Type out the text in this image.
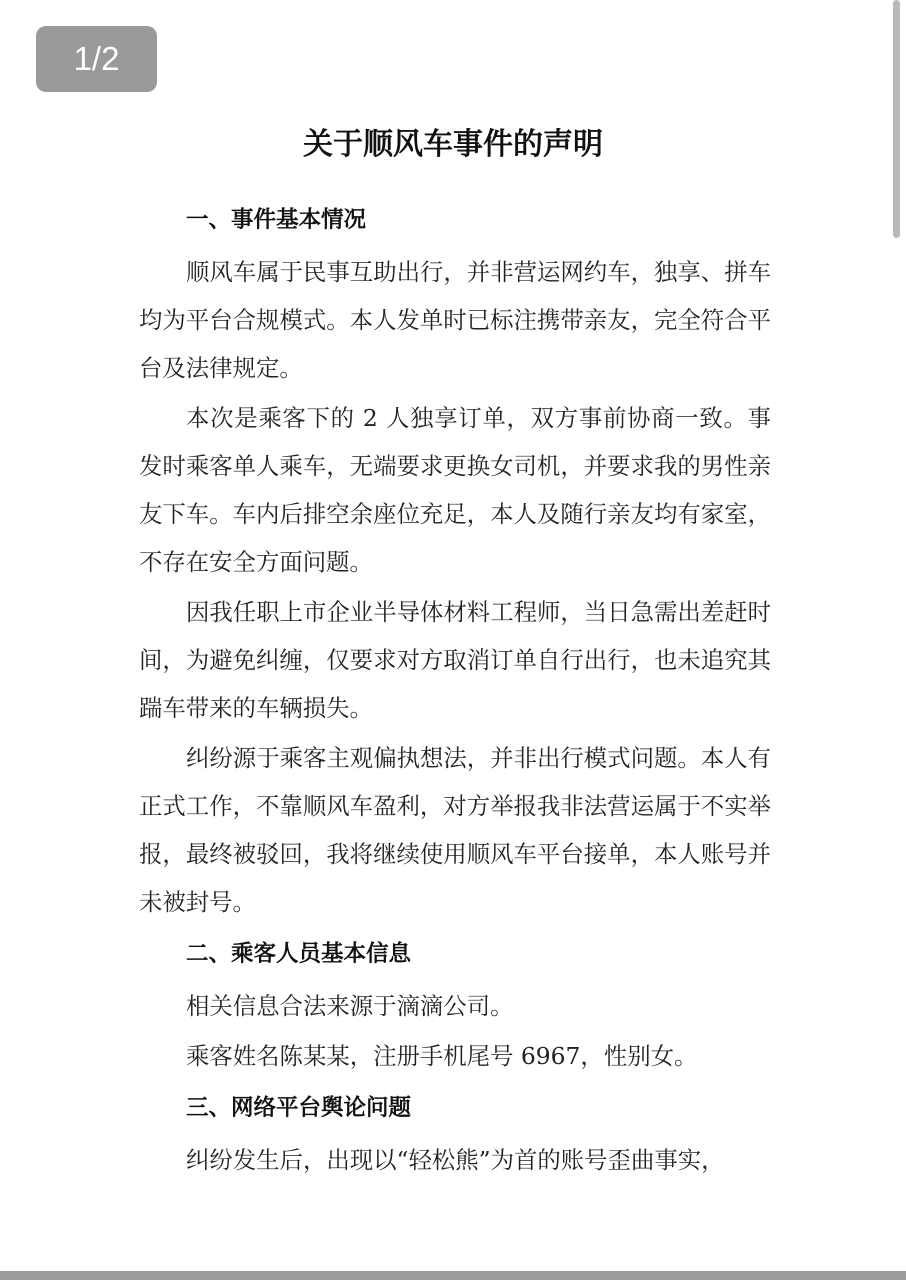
1/2
关于顺风车事件的声明
一、事件基本情况

顺风车属于民事互助出行，并非营运网约车，独享、拼车均为平台合规模式。本人发单时已标注携带亲友，完全符合平台及法律规定。

本次是乘客下的 2 人独享订单，双方事前协商一致。事发时乘客单人乘车，无端要求更换女司机，并要求我的男性亲友下车。车内后排空余座位充足，本人及随行亲友均有家室，不存在安全方面问题。

因我任职上市企业半导体材料工程师，当日急需出差赶时间，为避免纠缠，仅要求对方取消订单自行出行，也未追究其踹车带来的车辆损失。

纠纷源于乘客主观偏执想法，并非出行模式问题。本人有正式工作，不靠顺风车盈利，对方举报我非法营运属于不实举报，最终被驳回，我将继续使用顺风车平台接单，本人账号并未被封号。

二、乘客人员基本信息

相关信息合法来源于滴滴公司。

乘客姓名陈某某，注册手机尾号 6967，性别女。

三、网络平台舆论问题

纠纷发生后，出现以“轻松熊”为首的账号歪曲事实，
